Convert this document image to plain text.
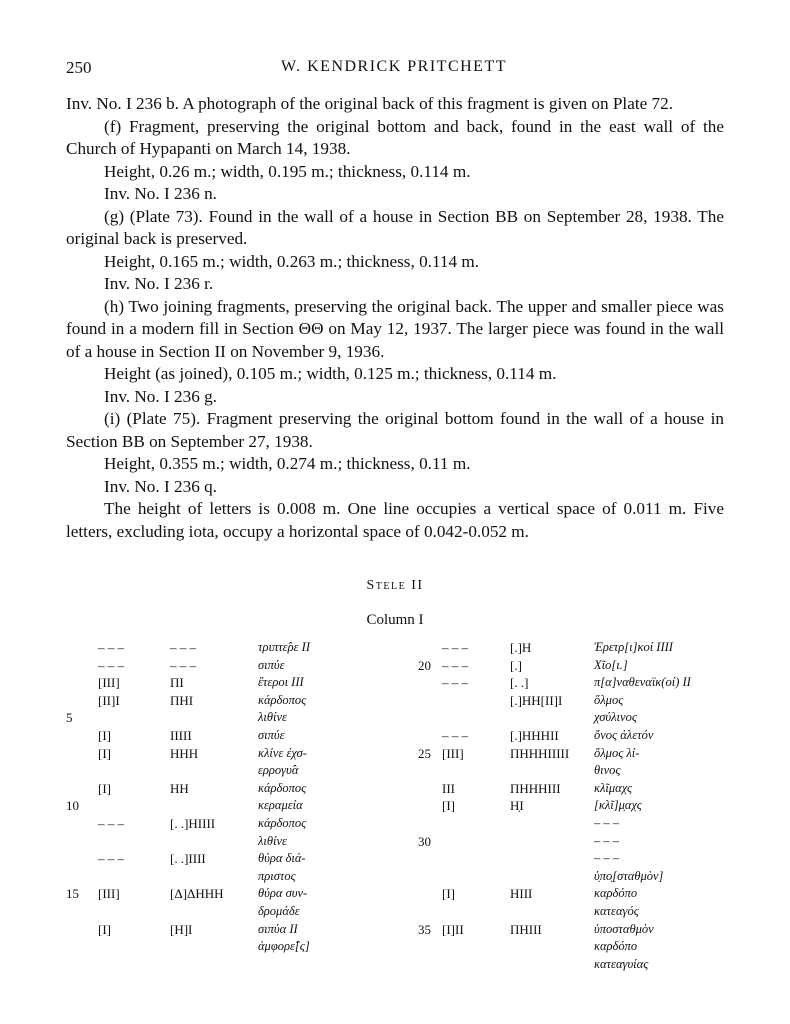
250	W. KENDRICK PRITCHETT

Inv. No. I 236 b. A photograph of the original back of this fragment is given on Plate 72.

(f) Fragment, preserving the original bottom and back, found in the east wall of the Church of Hypapanti on March 14, 1938.

Height, 0.26 m.; width, 0.195 m.; thickness, 0.114 m.

Inv. No. I 236 n.

(g) (Plate 73). Found in the wall of a house in Section BB on September 28, 1938. The original back is preserved.

Height, 0.165 m.; width, 0.263 m.; thickness, 0.114 m.

Inv. No. I 236 r.

(h) Two joining fragments, preserving the original back. The upper and smaller piece was found in a modern fill in Section ΘΘ on May 12, 1937. The larger piece was found in the wall of a house in Section II on November 9, 1936.

Height (as joined), 0.105 m.; width, 0.125 m.; thickness, 0.114 m.

Inv. No. I 236 g.

(i) (Plate 75). Fragment preserving the original bottom found in the wall of a house in Section BB on September 27, 1938.

Height, 0.355 m.; width, 0.274 m.; thickness, 0.11 m.

Inv. No. I 236 q.

The height of letters is 0.008 m. One line occupies a vertical space of 0.011 m. Five letters, excluding iota, occupy a horizontal space of 0.042-0.052 m.

Stele II
Column I
– – –	– – –	τριπτε̂ρε ΙΙ
– – –	– – –	σιπύε
[ΙΙΙ]	ΠΙ	ἕτεροι ΙΙΙ
[ΙΙ]Ι	ΠΗΙ	κάρδοπος
5	λιθίνε
[Ι]	ΙΙΙΙΙ	σιπύε
[Ι]	ΗΗΗ	κλίνε ἐχσ-
ερρογυ̂α
[Ι]	ΗΗ	κάρδοπος
10	κεραμεία
– – –	[. .]ΗΙΙΙΙ	κάρδοπος
λιθίνε
– – –	[. .]ΙΙΙΙ	θύρα διά-
πριστος
15 [ΙΙΙ]	[Δ]ΔΗΗΗ	θύρα συν-
δρομάδε
[Ι]	[Η]Ι	σιπύα ΙΙ
ἀμφορε̂[ς]
– – –	[.]Η	Ἐρετρ[ι]κοί ΙΙΙΙ
20 – – –	[.]	Χῖο[ι.]
– – –	[. .]	π[α]ναθεναϊκ(οί) ΙΙ
[.]ΗΗ[ΙΙ]Ι	ὅλμος
χσύλινος
– – –	[.]ΗΗΗΙΙ	ὄνος ἀλετόν
25 [ΙΙΙ]	ΠΗΗΗΙΙΙΙΙ ὅλμος λί-
θινος
ΙΙΙ	ΠΗΗΗΙΙΙ	κλῖμαχς
[Ι]	Η̣Ι	[κλῖ]μ̣αχς
– – –
30	– – –
– – –
ὑ̣πο̣[σταθμὸν]
[Ι]	ΗΙΙΙ	καρδόπο
κατεαγός
35 [Ι]ΙΙ	ΠΗΙΙΙ	ὑποσταθμὸν
καρδόπο
κατεαγυίας
